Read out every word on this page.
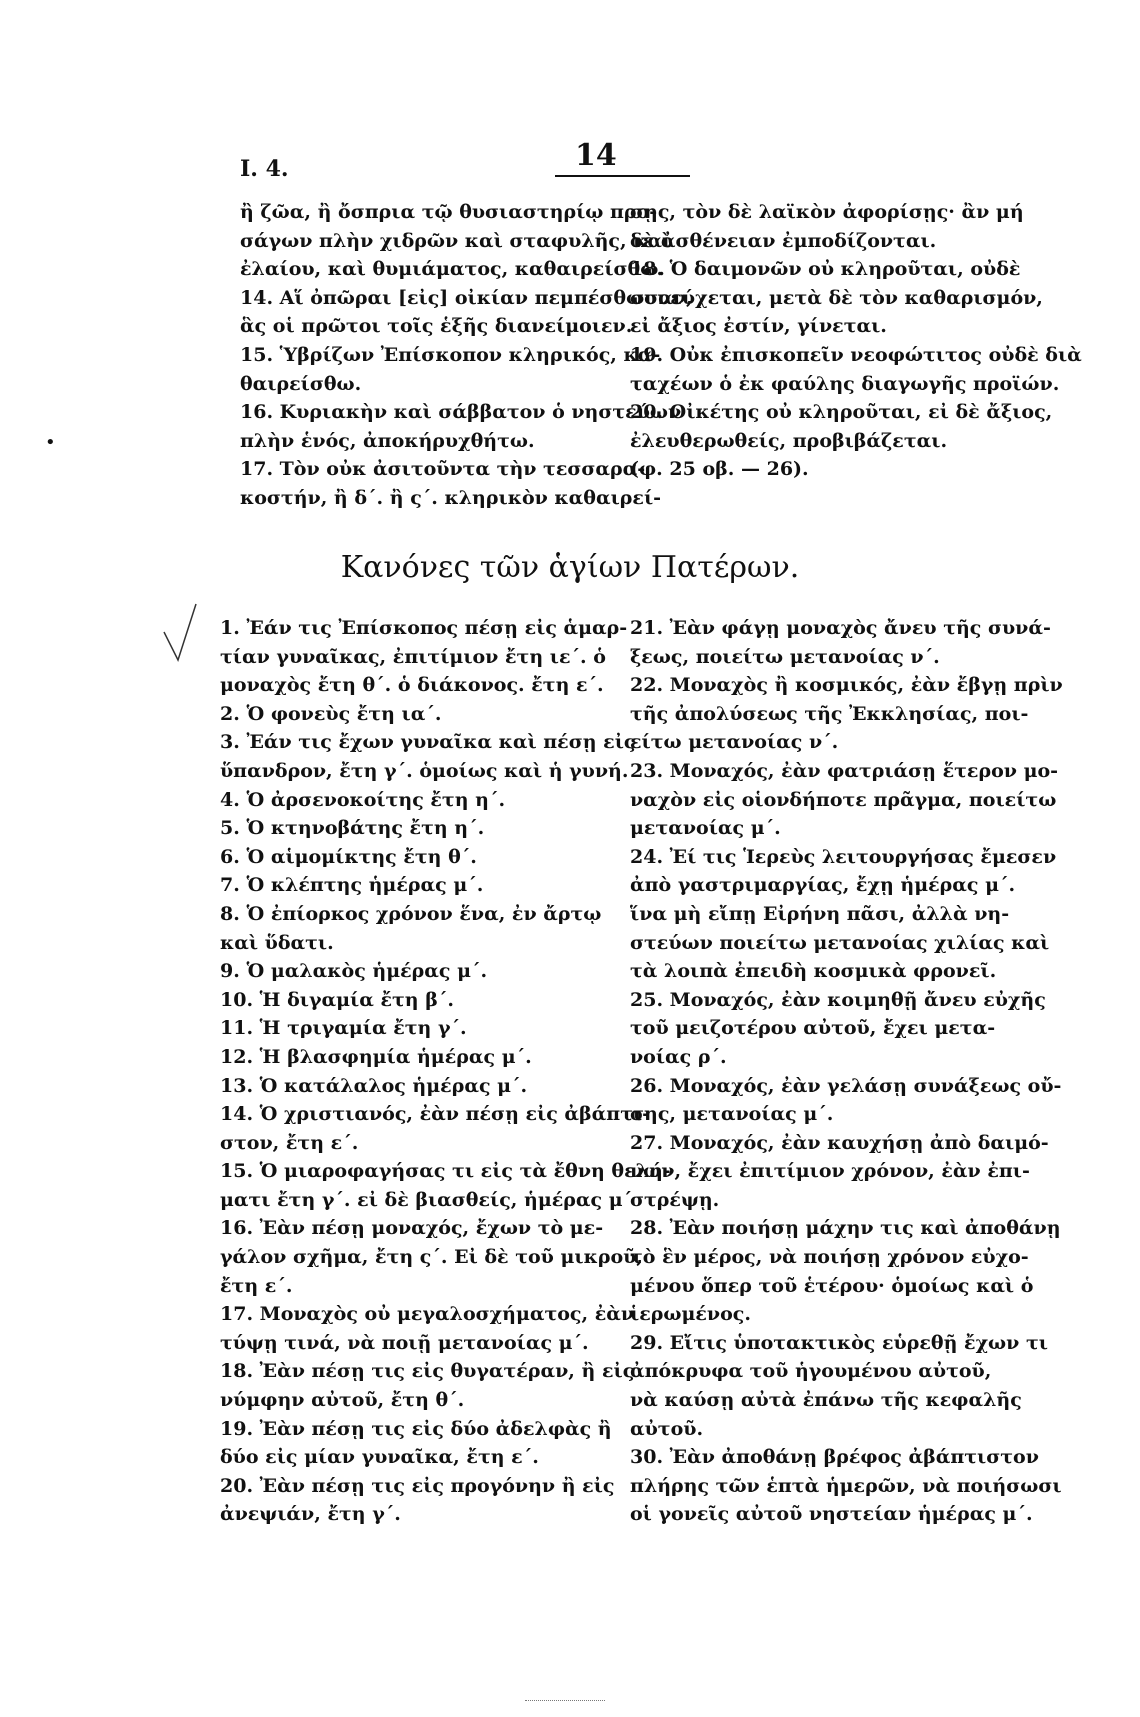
I. 4.	14

ἢ ζῶα, ἢ ὄσπρια τῷ θυσιαστηρίῳ προ-

σάγων πλὴν χιδρῶν καὶ σταφυλῆς, καὶ

ἐλαίου, καὶ θυμιάματος, καθαιρείσθω.

14. Αἵ ὀπῶραι [εἰς] οἰκίαν πεμπέσθωσαν,

ἃς οἱ πρῶτοι τοῖς ἑξῆς διανείμοιεν.

15. Ὑβρίζων Ἐπίσκοπον κληρικός, κα-

θαιρείσθω.

16. Κυριακὴν καὶ σάββατον ὁ νηστεύων

πλὴν ἑνός, ἀποκήρυχθήτω.

17. Τὸν οὐκ ἀσιτοῦντα τὴν τεσσαρα-

κοστήν, ἢ δ΄. ἢ ς΄. κληρικὸν καθαιρεί-

σῃς, τὸν δὲ λαϊκὸν ἀφορίσῃς· ἂν μή

δὲ ἀσθένειαν ἐμποδίζονται.

18. Ὁ δαιμονῶν οὐ κληροῦται, οὐδὲ

συνεύχεται, μετὰ δὲ τὸν καθαρισμόν,

εἰ ἄξιος ἐστίν, γίνεται.

19. Οὐκ ἐπισκοπεῖν νεοφώτιτος οὐδὲ διὰ

ταχέων ὁ ἐκ φαύλης διαγωγῆς προϊών.

20. Οἰκέτης οὐ κληροῦται, εἰ δὲ ἄξιος,

ἐλευθερωθείς, προβιβάζεται.

(φ. 25 οβ. — 26).

Κανόνες τῶν ἁγίων Πατέρων.
•

1. Ἐάν τις Ἐπίσκοπος πέσῃ εἰς ἁμαρ-

τίαν γυναῖκας, ἐπιτίμιον ἔτη ιε΄. ὁ

μοναχὸς ἔτη θ΄. ὁ διάκονος. ἔτη ε΄.

2. Ὁ φονεὺς ἔτη ια΄.

3. Ἐάν τις ἔχων γυναῖκα καὶ πέσῃ εἰς

ὕπανδρον, ἔτη γ΄. ὁμοίως καὶ ἡ γυνή.

4. Ὁ ἀρσενοκοίτης ἔτη η΄.

5. Ὁ κτηνοβάτης ἔτη η΄.

6. Ὁ αἱμομίκτης ἔτη θ΄.

7. Ὁ κλέπτης ἡμέρας μ΄.

8. Ὁ ἐπίορκος χρόνον ἕνα, ἐν ἄρτῳ

καὶ ὕδατι.

9. Ὁ μαλακὸς ἡμέρας μ΄.

10. Ἡ διγαμία ἔτη β΄.

11. Ἡ τριγαμία ἔτη γ΄.

12. Ἡ βλασφημία ἡμέρας μ΄.

13. Ὁ κατάλαλος ἡμέρας μ΄.

14. Ὁ χριστιανός, ἐὰν πέσῃ εἰς ἀβάπτι-

στον, ἔτη ε΄.

15. Ὁ μιαροφαγήσας τι εἰς τὰ ἔθνη θελή-

ματι ἔτη γ΄. εἰ δὲ βιασθείς, ἡμέρας μ΄

16. Ἐὰν πέσῃ μοναχός, ἔχων τὸ με-

γάλον σχῆμα, ἔτη ς΄. Εἰ δὲ τοῦ μικροῦ,

ἔτη ε΄.

17. Μοναχὸς οὐ μεγαλοσχήματος, ἐὰν

τύψῃ τινά, νὰ ποιῇ μετανοίας μ΄.

18. Ἐὰν πέσῃ τις εἰς θυγατέραν, ἢ εἰς

νύμφην αὐτοῦ, ἔτη θ΄.

19. Ἐὰν πέσῃ τις εἰς δύο ἀδελφὰς ἢ

δύο εἰς μίαν γυναῖκα, ἔτη ε΄.

20. Ἐὰν πέσῃ τις εἰς προγόνην ἢ εἰς

ἀνεψιάν, ἔτη γ΄.

21. Ἐὰν φάγῃ μοναχὸς ἄνευ τῆς συνά-

ξεως, ποιείτω μετανοίας ν΄.

22. Μοναχὸς ἢ κοσμικός, ἐὰν ἔβγῃ πρὶν

τῆς ἀπολύσεως τῆς Ἐκκλησίας, ποι-

είτω μετανοίας ν΄.

23. Μοναχός, ἐὰν φατριάσῃ ἕτερον μο-

ναχὸν εἰς οἱονδήποτε πρᾶγμα, ποιείτω

μετανοίας μ΄.

24. Ἐί τις Ἱερεὺς λειτουργήσας ἔμεσεν

ἀπὸ γαστριμαργίας, ἔχῃ ἡμέρας μ΄.

ἵνα μὴ εἴπῃ Εἰρήνη πᾶσι, ἀλλὰ νη-

στεύων ποιείτω μετανοίας χιλίας καὶ

τὰ λοιπὰ ἐπειδὴ κοσμικὰ φρονεῖ.

25. Μοναχός, ἐὰν κοιμηθῇ ἄνευ εὐχῆς

τοῦ μειζοτέρου αὐτοῦ, ἔχει μετα-

νοίας ρ΄.

26. Μοναχός, ἐὰν γελάσῃ συνάξεως οὔ-

σης, μετανοίας μ΄.

27. Μοναχός, ἐὰν καυχήσῃ ἀπὸ δαιμό-

νων, ἔχει ἐπιτίμιον χρόνον, ἐὰν ἐπι-

στρέψῃ.

28. Ἐὰν ποιήσῃ μάχην τις καὶ ἀποθάνῃ

τὸ ἓν μέρος, νὰ ποιήσῃ χρόνον εὐχο-

μένου ὅπερ τοῦ ἑτέρου· ὁμοίως καὶ ὁ

ἱερωμένος.

29. Εἴτις ὑποτακτικὸς εὑρεθῇ ἔχων τι

ἀπόκρυφα τοῦ ἡγουμένου αὐτοῦ,

νὰ καύσῃ αὐτὰ ἐπάνω τῆς κεφαλῆς

αὐτοῦ.

30. Ἐὰν ἀποθάνῃ βρέφος ἀβάπτιστον

πλήρης τῶν ἑπτὰ ἡμερῶν, νὰ ποιήσωσι

οἱ γονεῖς αὐτοῦ νηστείαν ἡμέρας μ΄.
